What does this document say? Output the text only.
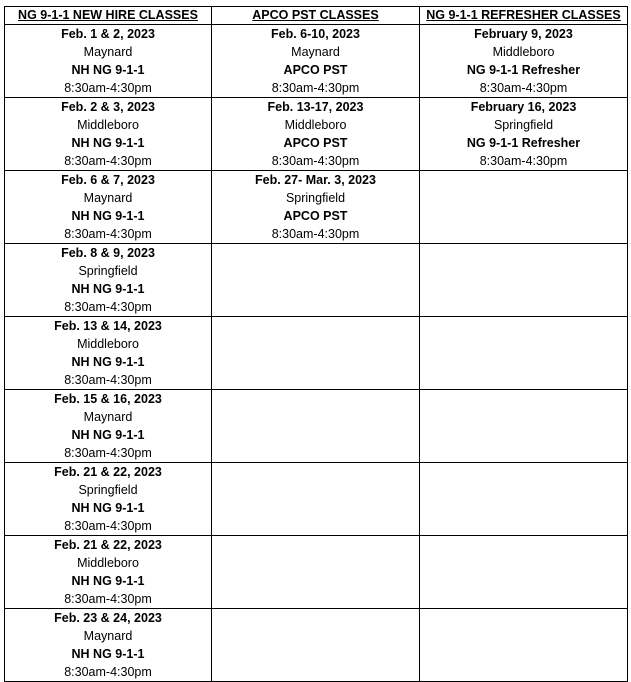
NG 9-1-1 NEW HIRE CLASSES	APCO PST CLASSES	NG 9-1-1 REFRESHER CLASSES

Feb. 1 & 2, 2023
Maynard
NH NG 9-1-1
8:30am-4:30pm	Feb. 6-10, 2023
Maynard
APCO PST
8:30am-4:30pm	February 9, 2023
Middleboro
NG 9-1-1 Refresher
8:30am-4:30pm

Feb. 2 & 3, 2023
Middleboro
NH NG 9-1-1
8:30am-4:30pm	Feb. 13-17, 2023
Middleboro
APCO PST
8:30am-4:30pm	February 16, 2023
Springfield
NG 9-1-1 Refresher
8:30am-4:30pm

Feb. 6 & 7, 2023
Maynard
NH NG 9-1-1
8:30am-4:30pm	Feb. 27- Mar. 3, 2023
Springfield
APCO PST
8:30am-4:30pm	

Feb. 8 & 9, 2023
Springfield
NH NG 9-1-1
8:30am-4:30pm		

Feb. 13 & 14, 2023
Middleboro
NH NG 9-1-1
8:30am-4:30pm		

Feb. 15 & 16, 2023
Maynard
NH NG 9-1-1
8:30am-4:30pm		

Feb. 21 & 22, 2023
Springfield
NH NG 9-1-1
8:30am-4:30pm		

Feb. 21 & 22, 2023
Middleboro
NH NG 9-1-1
8:30am-4:30pm		

Feb. 23 & 24, 2023
Maynard
NH NG 9-1-1
8:30am-4:30pm		
